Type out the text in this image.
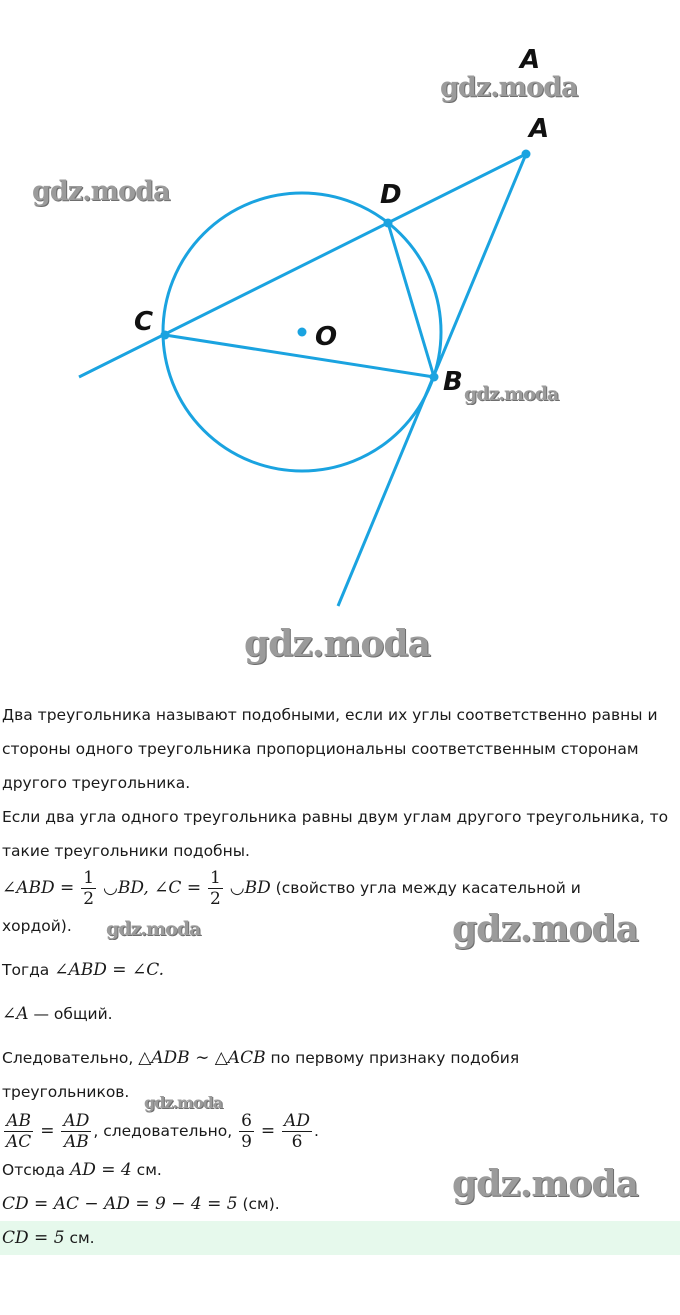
A
A
D
C	O
B
gdz.moda
gdz.moda
gdz.moda
gdz.moda
gdz.moda	gdz.moda
gdz.moda
gdz.moda

Два треугольника называют подобными, если их углы соответственно равны и

стороны одного треугольника пропорциональны соответственным сторонам

другого треугольника.

Если два угла одного треугольника равны двум углам другого треугольника, то

такие треугольники подобны.

∠ABD = $\frac{1}{2}$ ◡BD, ∠C = $\frac{1}{2}$ ◡BD (свойство угла между касательной и

хордой).

Тогда ∠ABD = ∠C.

∠A — общий.

Следовательно, △ADB ∼ △ACB по первому признаку подобия

треугольников.

$\frac{AB}{AC} = \frac{AD}{AB}$ , следовательно, $\frac{6}{9} = \frac{AD}{6}$ .

Отсюда AD = 4 см.

CD = AC − AD = 9 − 4 = 5 (см).

CD = 5 см.
